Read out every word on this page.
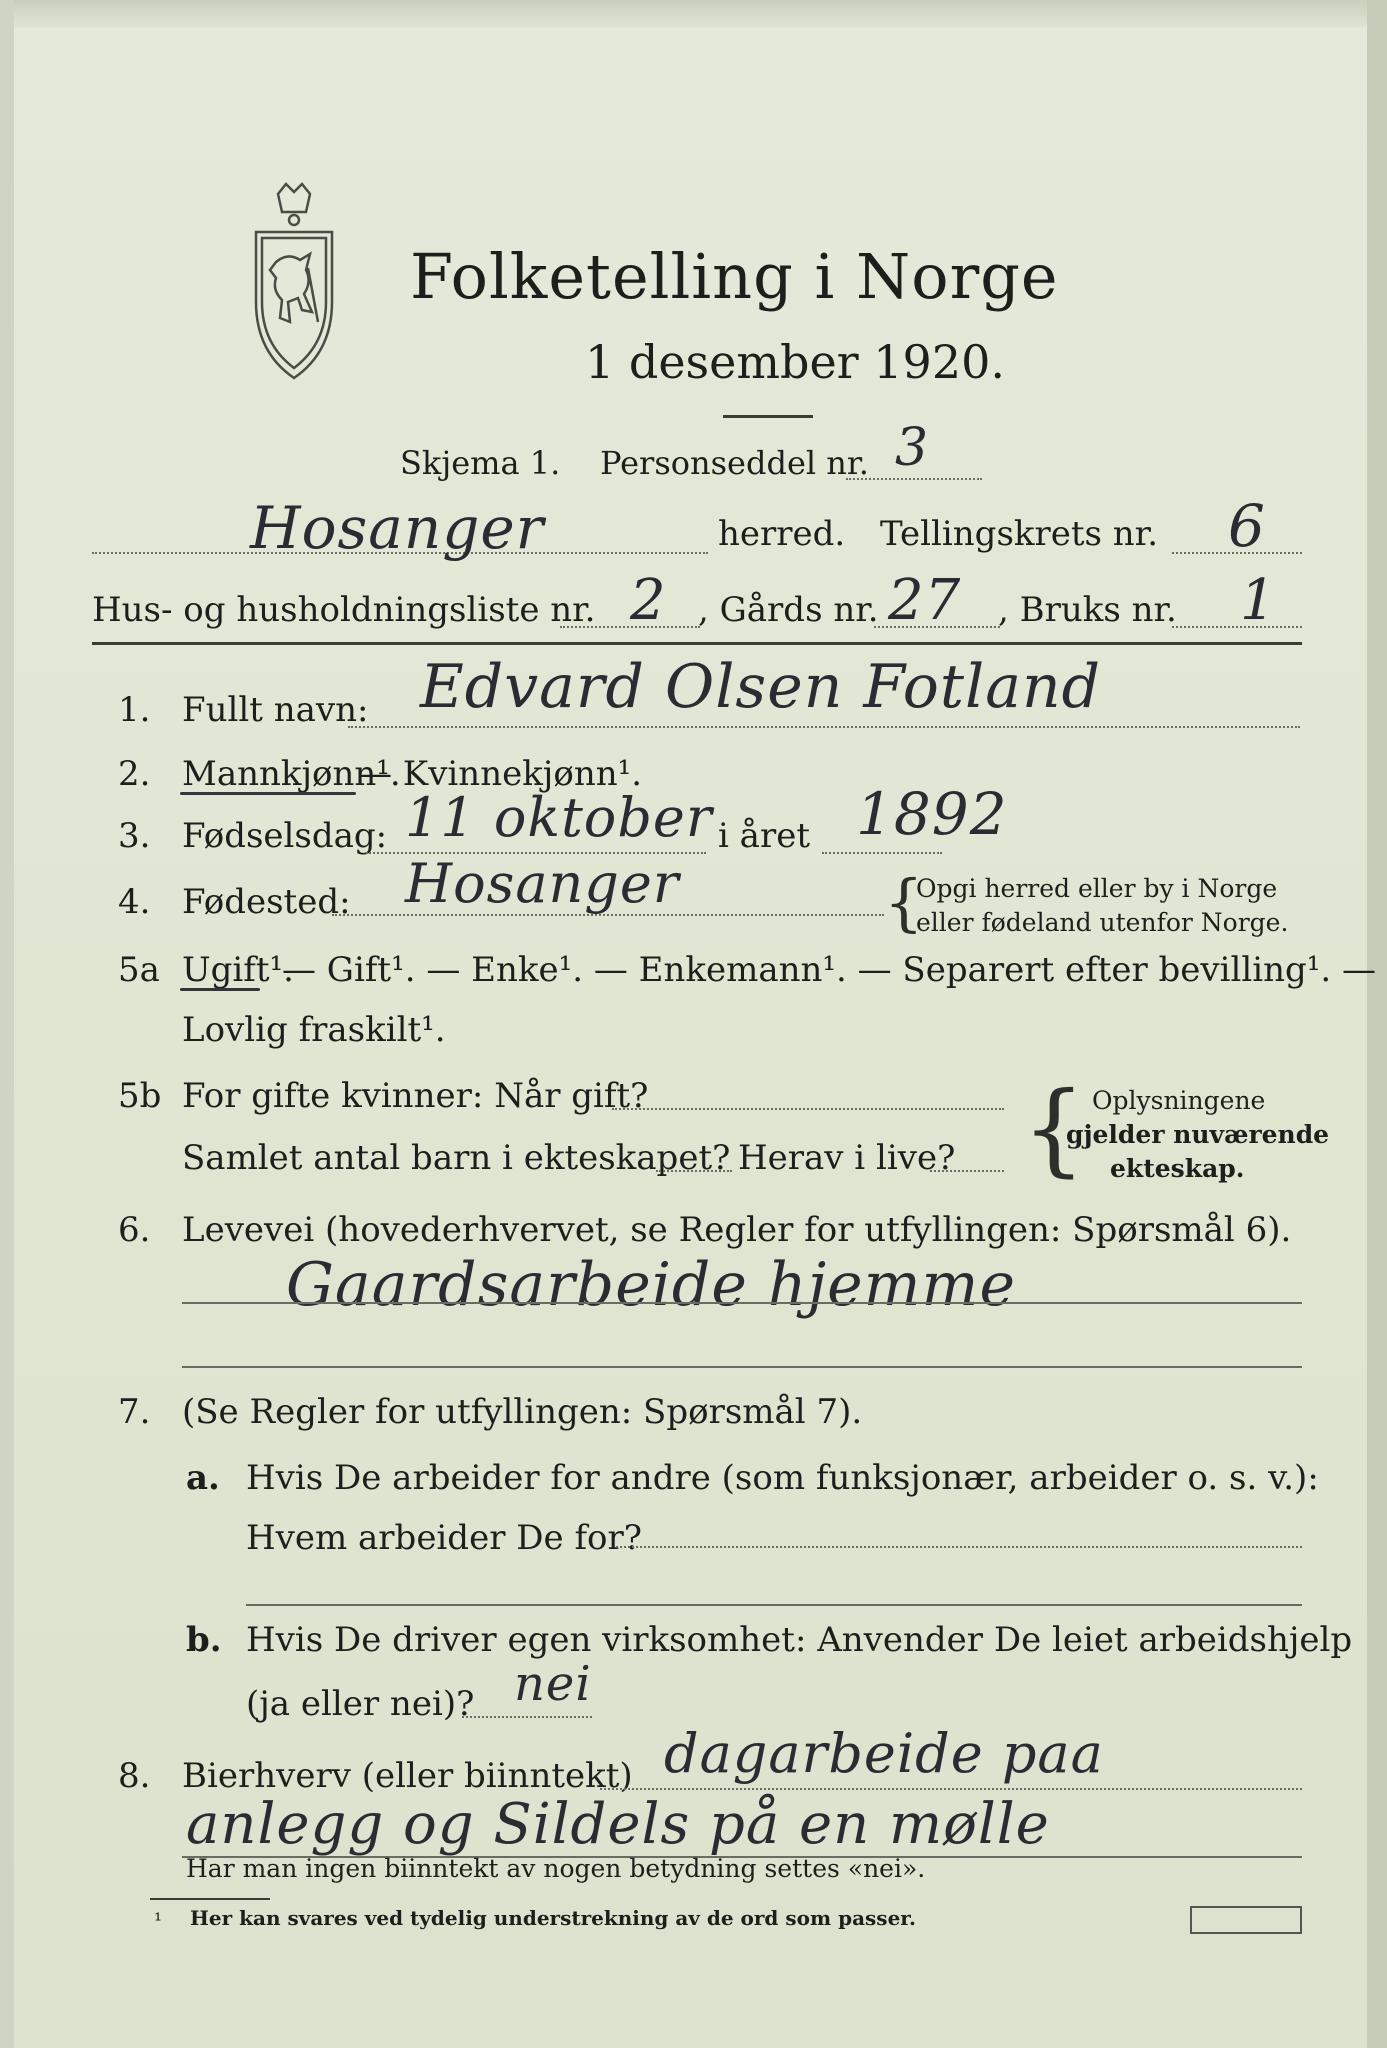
Folketelling i Norge
1 desember 1920.
Skjema 1. Personseddel nr. 3
Hosanger	herred. Tellingskrets nr. 6
Hus- og husholdningsliste nr. 2 , Gårds nr. 27 , Bruks nr. 1
1. Fullt navn: Edvard Olsen Fotland
2. Mannkjønn¹.
— Kvinnekjønn¹.
3. Fødselsdag: 11 oktober i året 1892
4. Fødested: Hosanger	{
Opgi herred eller by i Norge
eller fødeland utenfor Norge.
5a Ugift¹.
— Gift¹. — Enke¹. — Enkemann¹. — Separert efter bevilling¹. —
Lovlig fraskilt¹.
5b For gifte kvinner: Når gift?
Samlet antal barn i ekteskapet? Herav i live? { Oplysningene
gjelder nuværende
ekteskap.
6. Levevei (hovederhvervet, se Regler for utfyllingen: Spørsmål 6).
Gaardsarbeide hjemme
7. (Se Regler for utfyllingen: Spørsmål 7).
a. Hvis De arbeider for andre (som funksjonær, arbeider o. s. v.):
Hvem arbeider De for?
b. Hvis De driver egen virksomhet: Anvender De leiet arbeidshjelp
(ja eller nei)? nei
8. Bierhverv (eller biinntekt) dagarbeide paa
anlegg og Sildels på en mølle
Har man ingen biinntekt av nogen betydning settes «nei».
¹ Her kan svares ved tydelig understrekning av de ord som passer.
